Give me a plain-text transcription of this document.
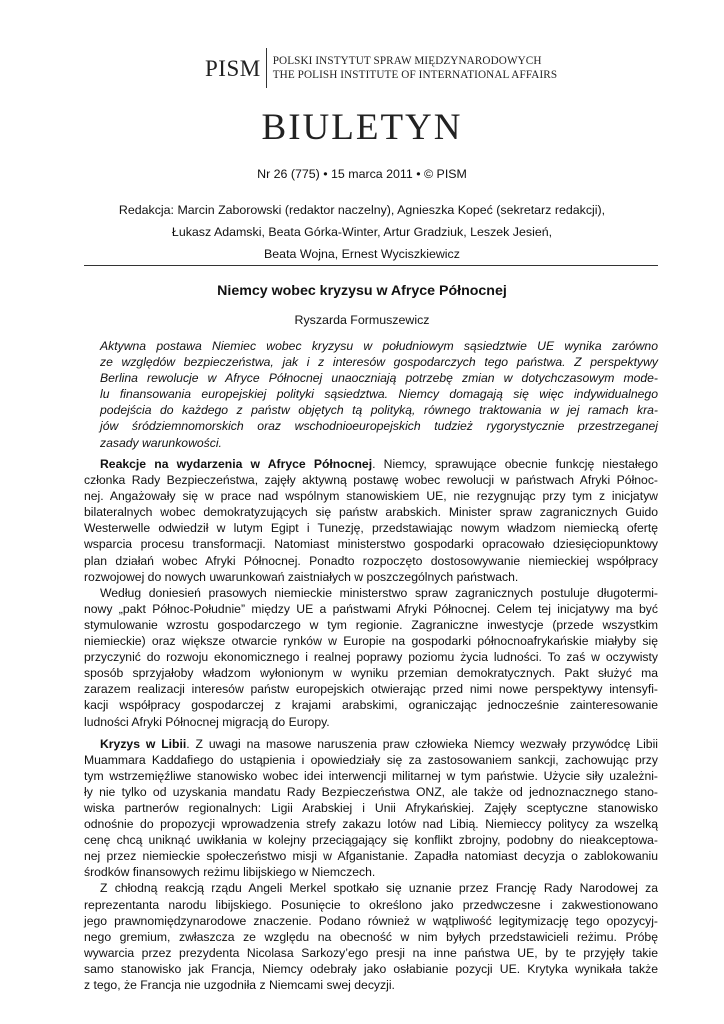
PISM POLSKI INSTYTUT SPRAW MIĘDZYNARODOWYCH
THE POLISH INSTITUTE OF INTERNATIONAL AFFAIRS
BIULETYN
Nr 26 (775) • 15 marca 2011 • © PISM
Redakcja: Marcin Zaborowski (redaktor naczelny), Agnieszka Kopeć (sekretarz redakcji),
Łukasz Adamski, Beata Górka-Winter, Artur Gradziuk, Leszek Jesień,
Beata Wojna, Ernest Wyciszkiewicz
Niemcy wobec kryzysu w Afryce Północnej
Ryszarda Formuszewicz
Aktywna postawa Niemiec wobec kryzysu w południowym sąsiedztwie UE wynika zarówno
ze względów bezpieczeństwa, jak i z interesów gospodarczych tego państwa. Z perspektywy
Berlina rewolucje w Afryce Północnej unaoczniają potrzebę zmian w dotychczasowym mode-
lu finansowania europejskiej polityki sąsiedztwa. Niemcy domagają się więc indywidualnego
podejścia do każdego z państw objętych tą polityką, równego traktowania w jej ramach kra-
jów śródziemnomorskich oraz wschodnioeuropejskich tudzież rygorystycznie przestrzeganej
zasady warunkowości.
Reakcje na wydarzenia w Afryce Północnej. Niemcy, sprawujące obecnie funkcję niestałego
członka Rady Bezpieczeństwa, zajęły aktywną postawę wobec rewolucji w państwach Afryki Północ-
nej. Angażowały się w prace nad wspólnym stanowiskiem UE, nie rezygnując przy tym z inicjatyw
bilateralnych wobec demokratyzujących się państw arabskich. Minister spraw zagranicznych Guido
Westerwelle odwiedził w lutym Egipt i Tunezję, przedstawiając nowym władzom niemiecką ofertę
wsparcia procesu transformacji. Natomiast ministerstwo gospodarki opracowało dziesięciopunktowy
plan działań wobec Afryki Północnej. Ponadto rozpoczęto dostosowywanie niemieckiej współpracy
rozwojowej do nowych uwarunkowań zaistniałych w poszczególnych państwach.
Według doniesień prasowych niemieckie ministerstwo spraw zagranicznych postuluje długotermi-
nowy „pakt Północ-Południe” między UE a państwami Afryki Północnej. Celem tej inicjatywy ma być
stymulowanie wzrostu gospodarczego w tym regionie. Zagraniczne inwestycje (przede wszystkim
niemieckie) oraz większe otwarcie rynków w Europie na gospodarki północnoafrykańskie miałyby się
przyczynić do rozwoju ekonomicznego i realnej poprawy poziomu życia ludności. To zaś w oczywisty
sposób sprzyjałoby władzom wyłonionym w wyniku przemian demokratycznych. Pakt służyć ma
zarazem realizacji interesów państw europejskich otwierając przed nimi nowe perspektywy intensyfi-
kacji współpracy gospodarczej z krajami arabskimi, ograniczając jednocześnie zainteresowanie
ludności Afryki Północnej migracją do Europy.
Kryzys w Libii. Z uwagi na masowe naruszenia praw człowieka Niemcy wezwały przywódcę Libii
Muammara Kaddafiego do ustąpienia i opowiedziały się za zastosowaniem sankcji, zachowując przy
tym wstrzemięźliwe stanowisko wobec idei interwencji militarnej w tym państwie. Użycie siły uzależni-
ły nie tylko od uzyskania mandatu Rady Bezpieczeństwa ONZ, ale także od jednoznacznego stano-
wiska partnerów regionalnych: Ligii Arabskiej i Unii Afrykańskiej. Zajęły sceptyczne stanowisko
odnośnie do propozycji wprowadzenia strefy zakazu lotów nad Libią. Niemieccy politycy za wszelką
cenę chcą uniknąć uwikłania w kolejny przeciągający się konflikt zbrojny, podobny do nieakceptowa-
nej przez niemieckie społeczeństwo misji w Afganistanie. Zapadła natomiast decyzja o zablokowaniu
środków finansowych reżimu libijskiego w Niemczech.
Z chłodną reakcją rządu Angeli Merkel spotkało się uznanie przez Francję Rady Narodowej za
reprezentanta narodu libijskiego. Posunięcie to określono jako przedwczesne i zakwestionowano
jego prawnomiędzynarodowe znaczenie. Podano również w wątpliwość legitymizację tego opozycyj-
nego gremium, zwłaszcza ze względu na obecność w nim byłych przedstawicieli reżimu. Próbę
wywarcia przez prezydenta Nicolasa Sarkozy’ego presji na inne państwa UE, by te przyjęły takie
samo stanowisko jak Francja, Niemcy odebrały jako osłabianie pozycji UE. Krytyka wynikała także
z tego, że Francja nie uzgodniła z Niemcami swej decyzji.
